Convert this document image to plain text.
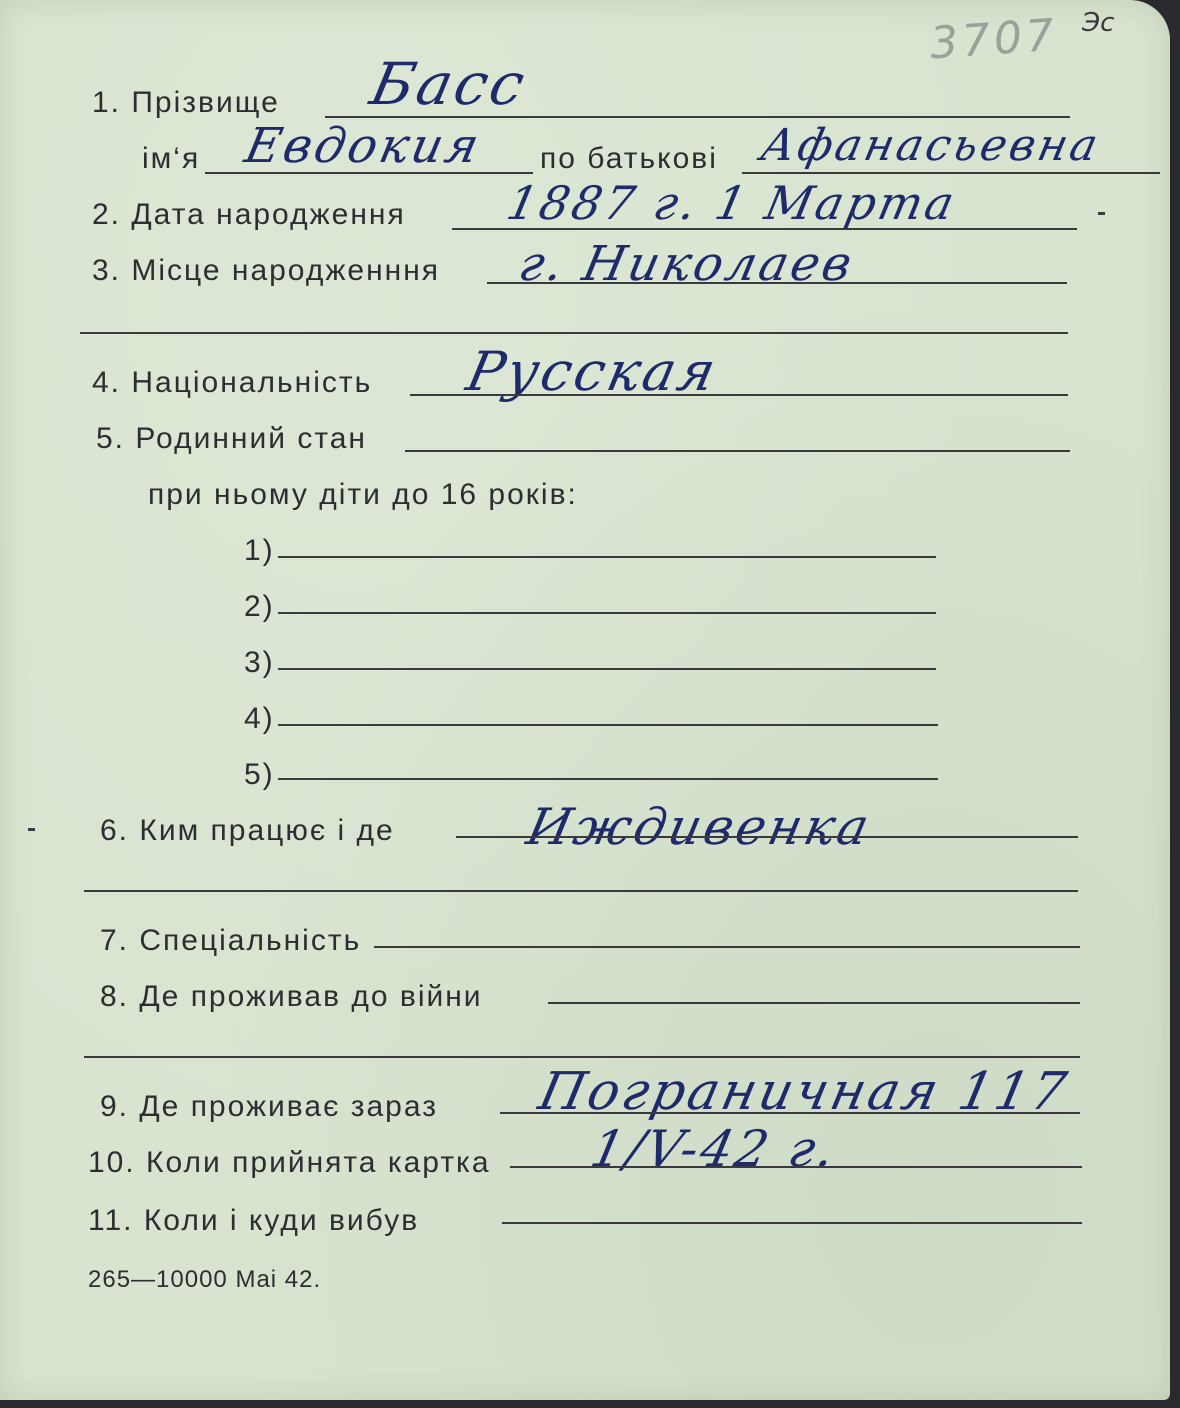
3707 Эс
1. Прізвище Басс
ім‘я Евдокия по батькові Афанасьевна
2. Дата народження 1887 г. 1 Марта
3. Місце народженння г. Николаев
4. Національність Русская
5. Родинний стан
при ньому діти до 16 років:
1)
2)
3)
4)
5)
6. Ким працює і де	Иждивенка
7. Спеціальність
8. Де проживав до війни
9. Де проживає зараз Пограничная 117
10. Коли прийнята картка 1/V-42 г.
11. Коли і куди вибув
265—10000 Mai 42.
